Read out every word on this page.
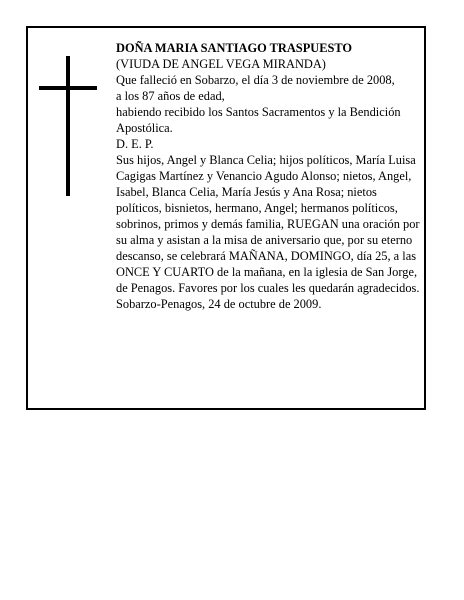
DOÑA MARIA SANTIAGO TRASPUESTO

(VIUDA DE ANGEL VEGA MIRANDA)

Que falleció en Sobarzo, el día 3 de noviembre de 2008,

a los 87 años de edad,

habiendo recibido los Santos Sacramentos y la Bendición Apostólica.

D. E. P.

Sus hijos, Angel y Blanca Celia; hijos políticos, María Luisa Cagigas Martínez y Venancio Agudo Alonso; nietos, Angel, Isabel, Blanca Celia, María Jesús y Ana Rosa; nietos políticos, bisnietos, hermano, Angel; hermanos políticos, sobrinos, primos y demás familia, RUEGAN una oración por su alma y asistan a la misa de aniversario que, por su eterno descanso, se celebrará MAÑANA, DOMINGO, día 25, a las ONCE Y CUARTO de la mañana, en la iglesia de San Jorge, de Penagos. Favores por los cuales les quedarán agradecidos.

Sobarzo-Penagos, 24 de octubre de 2009.
